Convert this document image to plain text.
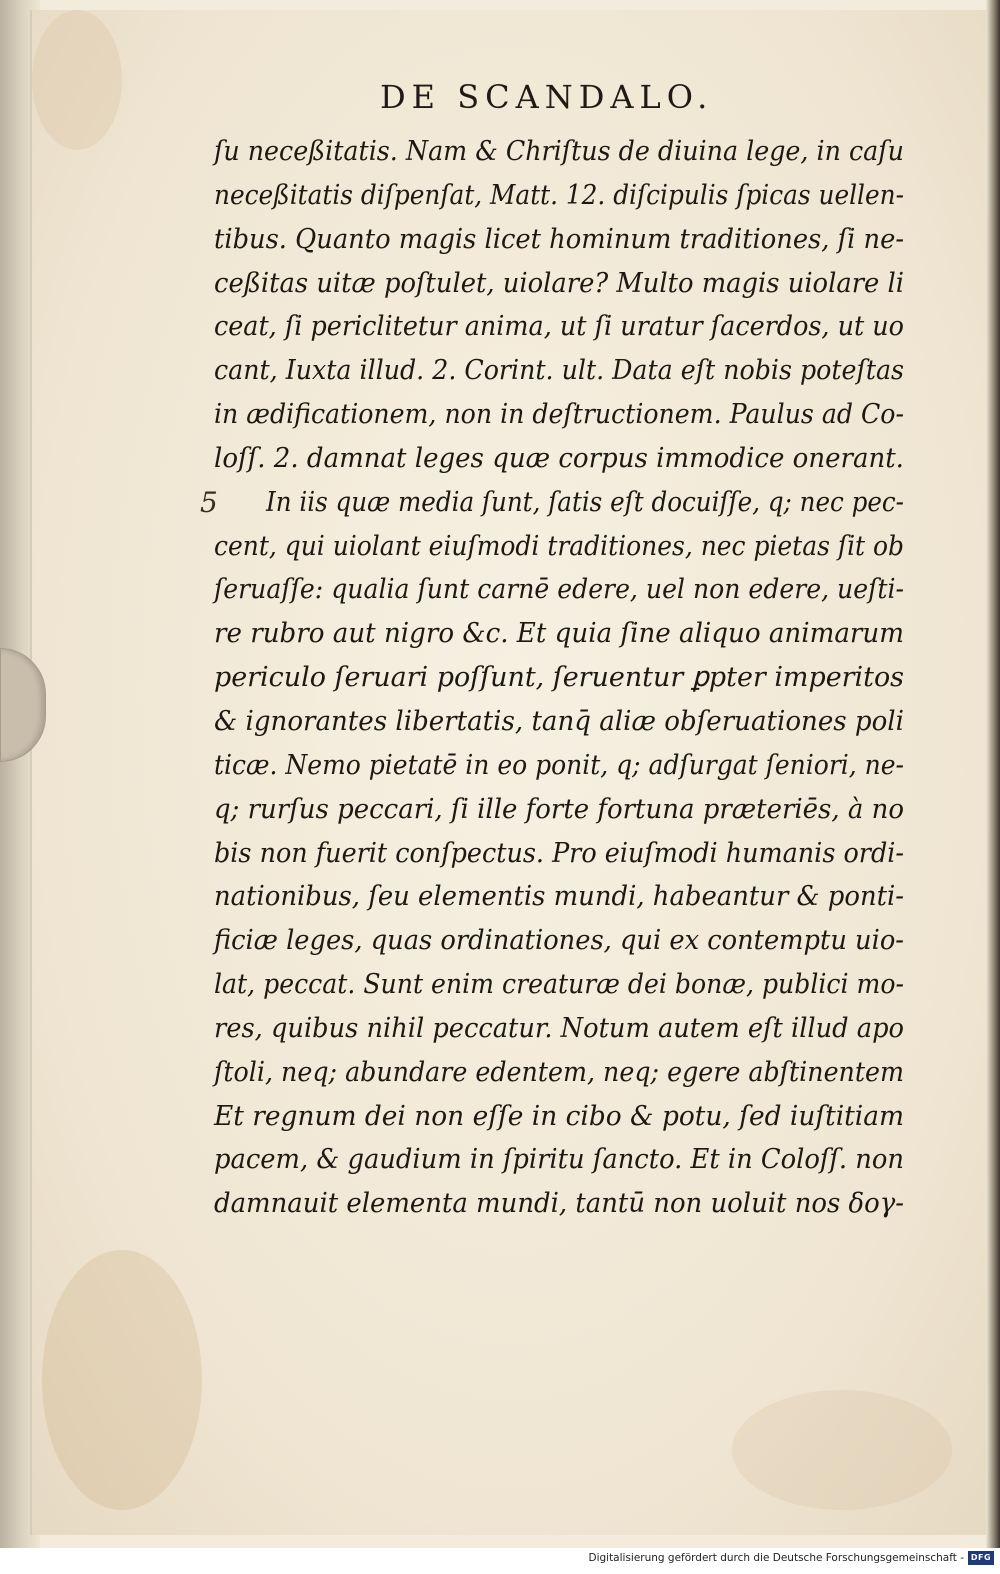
DE SCANDALO.
5
ſu neceßitatis. Nam & Chriſtus de diuina lege, in caſu
neceßitatis diſpenſat, Matt. 12. diſcipulis ſpicas uellen-
tibus. Quanto magis licet hominum traditiones, ſi ne-
ceßitas uitæ poſtulet, uiolare? Multo magis uiolare li
ceat, ſi periclitetur anima, ut ſi uratur ſacerdos, ut uo
cant, Iuxta illud. 2. Corint. ult. Data eſt nobis poteſtas
in ædificationem, non in deſtructionem. Paulus ad Co-
loſſ. 2. damnat leges quæ corpus immodice onerant.
In iis quæ media ſunt, ſatis eſt docuiſſe, q; nec pec-
cent, qui uiolant eiuſmodi traditiones, nec pietas ſit ob
ſeruaſſe: qualia ſunt carnē edere, uel non edere, ueſti-
re rubro aut nigro &c. Et quia ſine aliquo animarum
periculo ſeruari poſſunt, ſeruentur ꝑpter imperitos
& ignorantes libertatis, tanq̄ aliæ obſeruationes poli
ticæ. Nemo pietatē in eo ponit, q; adſurgat ſeniori, ne-
q; rurſus peccari, ſi ille forte fortuna præteriēs, à no
bis non fuerit conſpectus. Pro eiuſmodi humanis ordi-
nationibus, ſeu elementis mundi, habeantur & ponti-
ficiæ leges, quas ordinationes, qui ex contemptu uio-
lat, peccat. Sunt enim creaturæ dei bonæ, publici mo-
res, quibus nihil peccatur. Notum autem eſt illud apo
ſtoli, neq; abundare edentem, neq; egere abſtinentem
Et regnum dei non eſſe in cibo & potu, ſed iuſtitiam
pacem, & gaudium in ſpiritu ſancto. Et in Coloſſ. non
damnauit elementa mundi, tantū non uoluit nos δογ-
Digitalisierung gefördert durch die Deutsche Forschungsgemeinschaft - DFG
